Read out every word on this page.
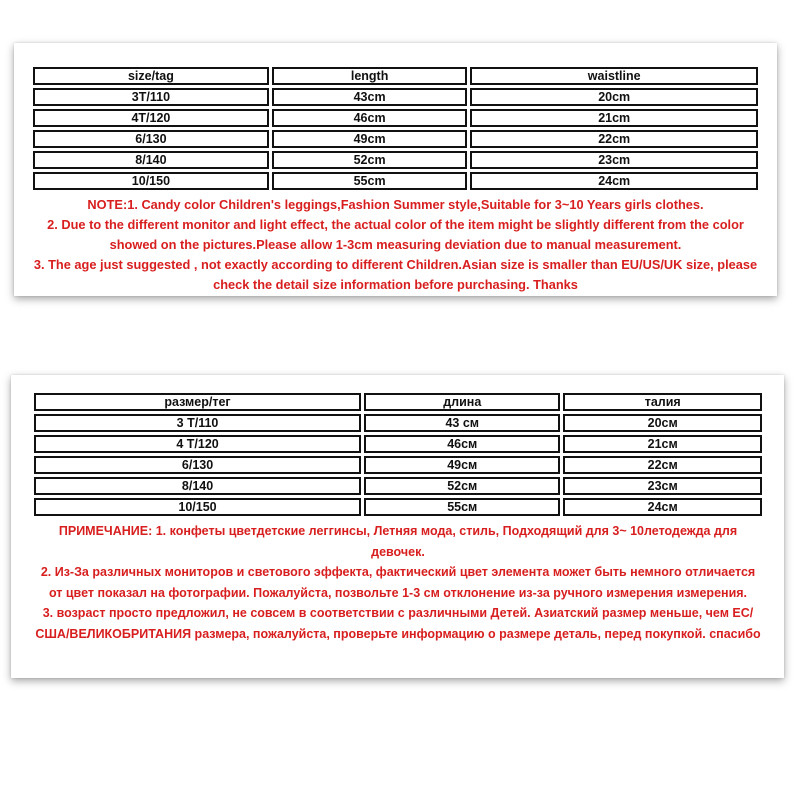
size/tag	length	waistline
3T/110	43cm	20cm
4T/120	46cm	21cm
6/130	49cm	22cm
8/140	52cm	23cm
10/150	55cm	24cm

NOTE:1. Candy color Children's leggings,Fashion Summer style,Suitable for 3~10 Years girls clothes.

2. Due to the different monitor and light effect, the actual color of the item might be slightly different from the color showed on the pictures.Please allow 1-3cm measuring deviation due to manual measurement.

3. The age just suggested , not exactly according to different Children.Asian size is smaller than EU/US/UK size, please check the detail size information before purchasing. Thanks

размер/тег	длина	талия
3 T/110	43 см	20см
4 T/120	46см	21см
6/130	49см	22см
8/140	52см	23см
10/150	55см	24см

ПРИМЕЧАНИЕ: 1. конфеты цветдетские леггинсы, Летняя мода, стиль, Подходящий для 3~ 10летодежда для девочек.

2. Из-За различных мониторов и светового эффекта, фактический цвет элемента может быть немного отличается от цвет показал на фотографии. Пожалуйста, позвольте 1-3 см отклонение из-за ручного измерения измерения.

3. возраст просто предложил, не совсем в соответствии с различными Детей. Азиатский размер меньше, чем ЕС/США/ВЕЛИКОБРИТАНИЯ размера, пожалуйста, проверьте информацию о размере деталь, перед покупкой. спасибо
